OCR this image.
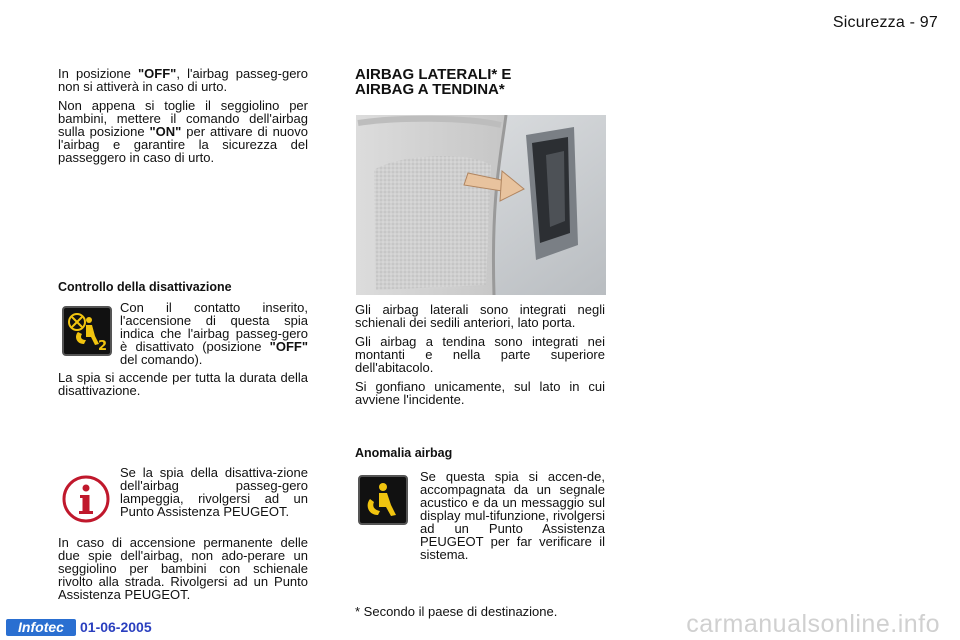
Sicurezza - 97

In posizione "OFF", l'airbag passeg-gero non si attiverà in caso di urto.

Non appena si toglie il seggiolino per bambini, mettere il comando dell'airbag sulla posizione "ON" per attivare di nuovo l'airbag e garantire la sicurezza del passeggero in caso di urto.

Controllo della disattivazione
2

Con il contatto inserito, l'accensione di questa spia indica che l'airbag passeg-gero è disattivato (posizione "OFF" del comando).

La spia si accende per tutta la durata della disattivazione.

Se la spia della disattiva-zione dell'airbag passeg-gero lampeggia, rivolgersi ad un Punto Assistenza PEUGEOT.

In caso di accensione permanente delle due spie dell'airbag, non ado-perare un seggiolino per bambini con schienale rivolto alla strada. Rivolgersi ad un Punto Assistenza PEUGEOT.

AIRBAG LATERALI* E
AIRBAG A TENDINA*

Gli airbag laterali sono integrati negli schienali dei sedili anteriori, lato porta.

Gli airbag a tendina sono integrati nei montanti e nella parte superiore dell'abitacolo.

Si gonfiano unicamente, sul lato in cui avviene l'incidente.

Anomalia airbag

Se questa spia si accen-de, accompagnata da un segnale acustico e da un messaggio sul display mul-tifunzione, rivolgersi ad un Punto Assistenza PEUGEOT per far verificare il sistema.

* Secondo il paese di destinazione.

Infotec	01-06-2005	carmanualsonline.info
